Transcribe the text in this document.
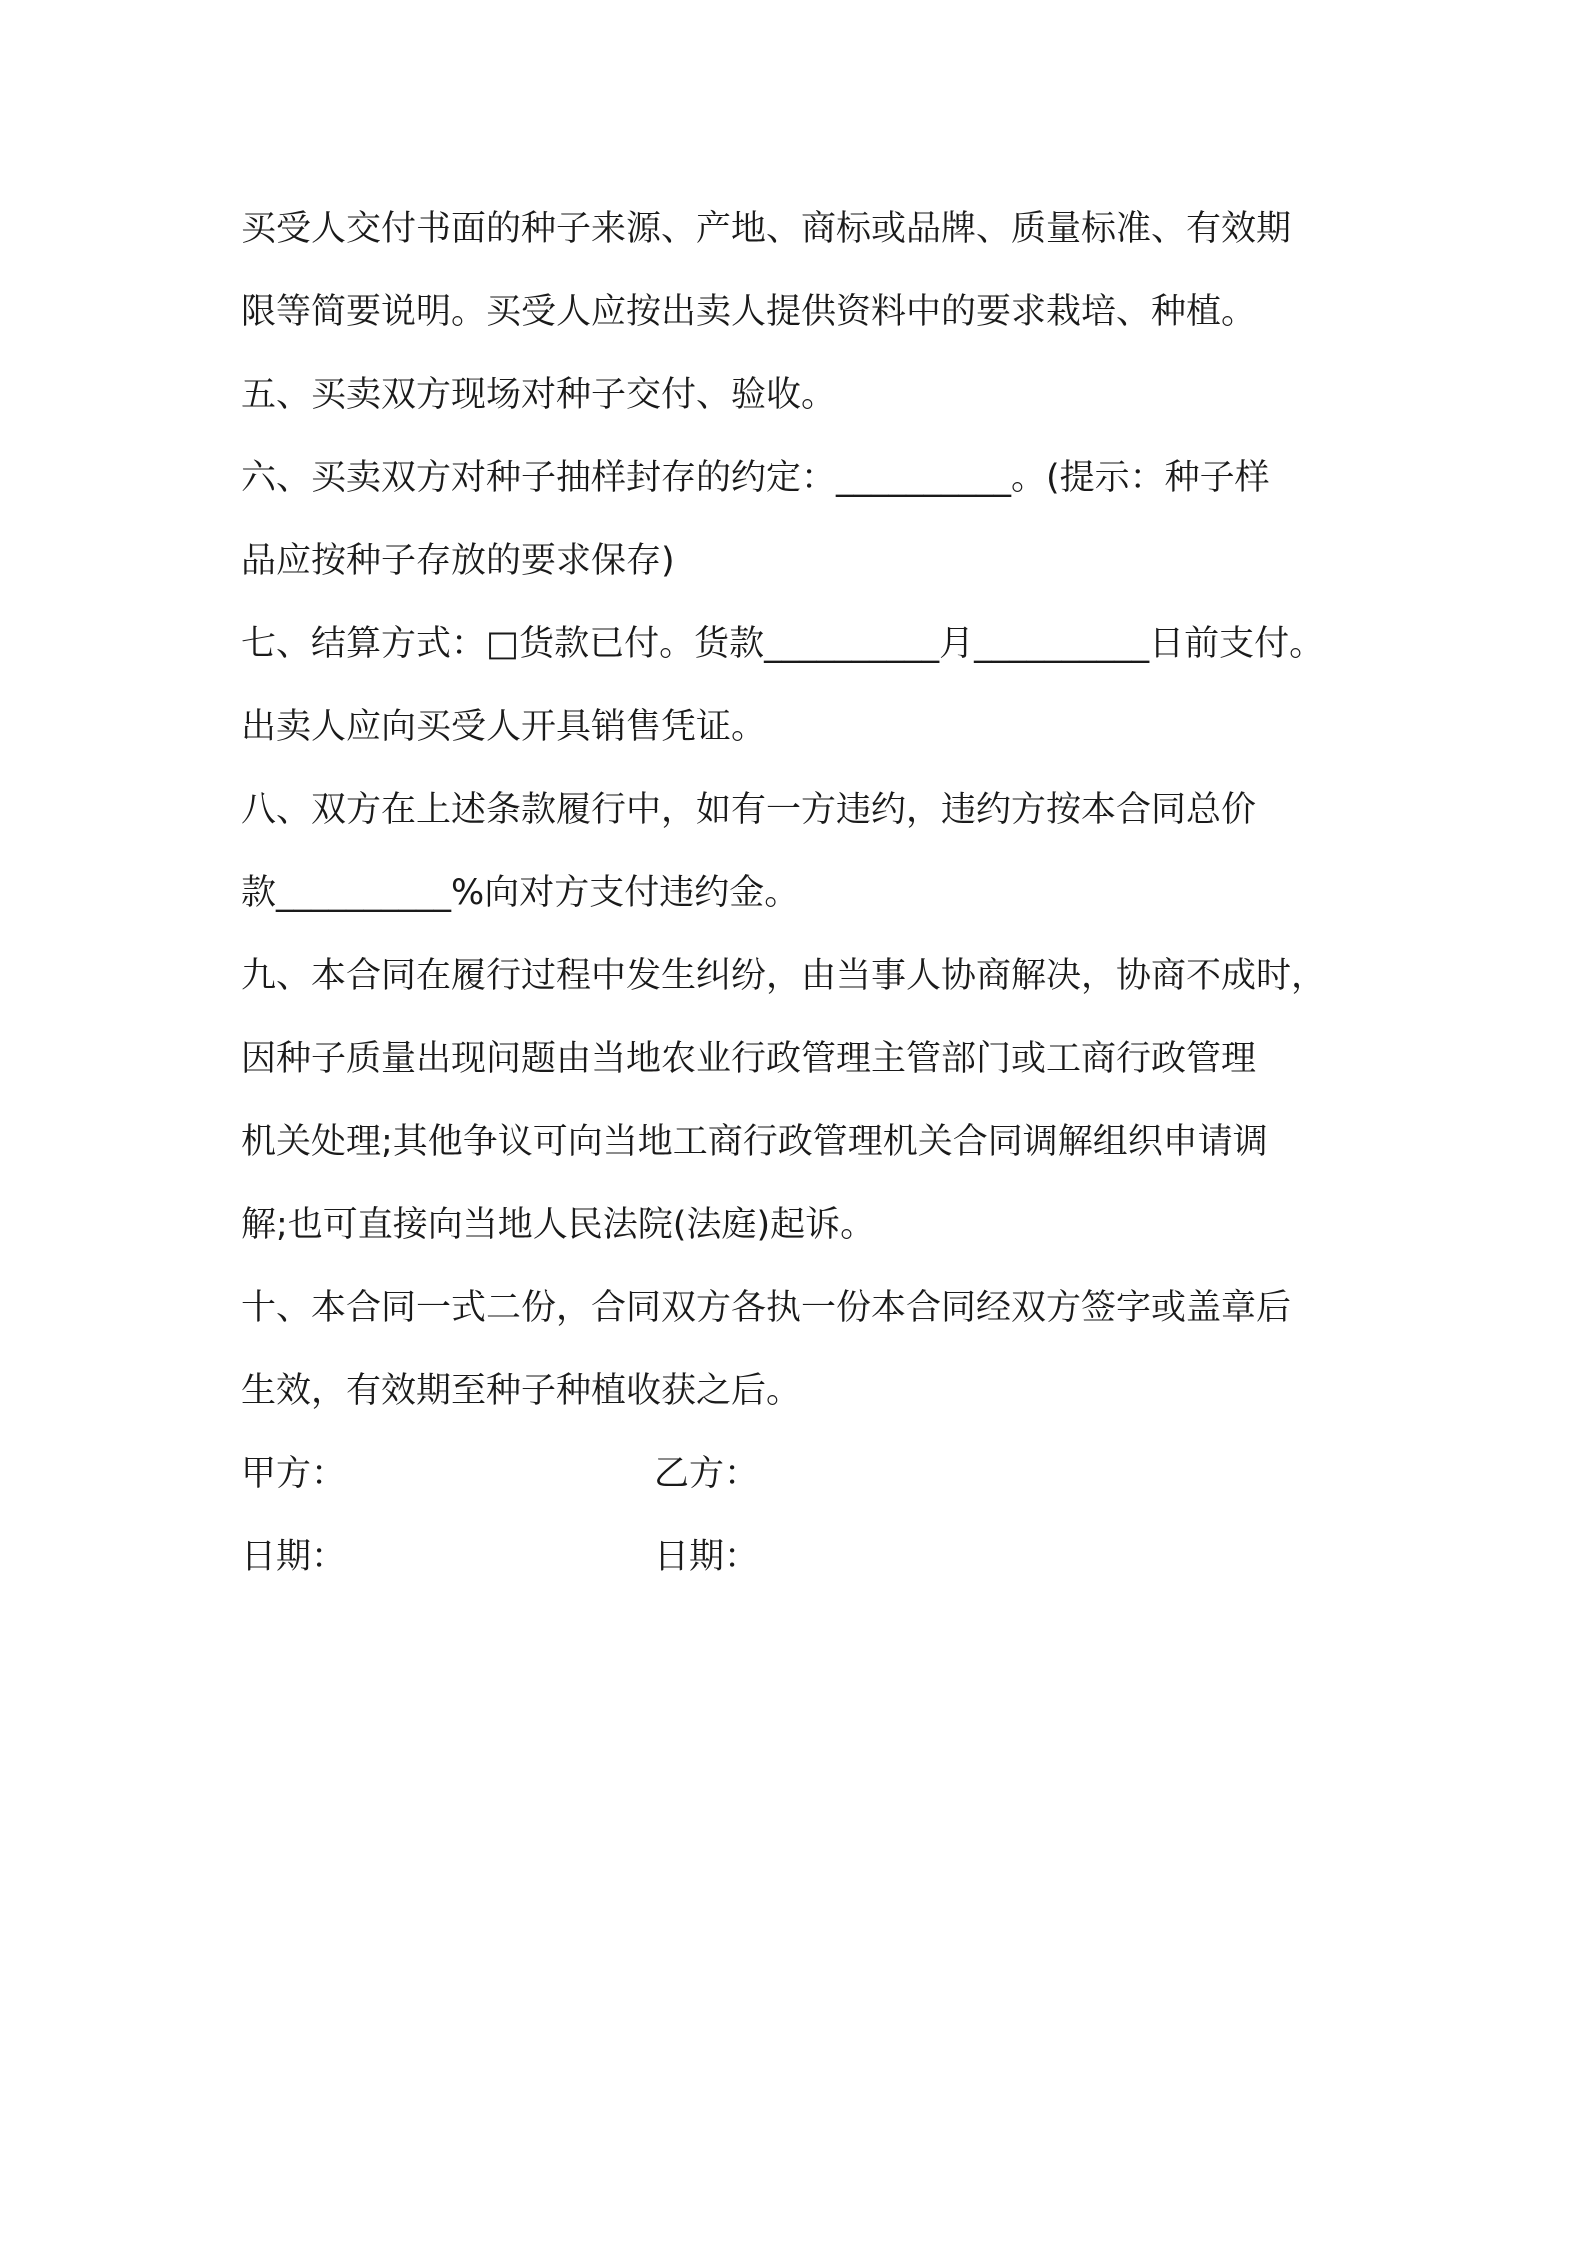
买受人交付书面的种子来源、产地、商标或品牌、质量标准、有效期
限等简要说明。买受人应按出卖人提供资料中的要求栽培、种植。
五、买卖双方现场对种子交付、验收。
六、买卖双方对种子抽样封存的约定：__________。(提示：种子样
品应按种子存放的要求保存)
七、结算方式：□货款已付。货款__________月__________日前支付。
出卖人应向买受人开具销售凭证。
八、双方在上述条款履行中，如有一方违约，违约方按本合同总价
款__________%向对方支付违约金。
九、本合同在履行过程中发生纠纷，由当事人协商解决，协商不成时，
因种子质量出现问题由当地农业行政管理主管部门或工商行政管理
机关处理;其他争议可向当地工商行政管理机关合同调解组织申请调
解;也可直接向当地人民法院(法庭)起诉。
十、本合同一式二份，合同双方各执一份本合同经双方签字或盖章后
生效，有效期至种子种植收获之后。
甲方：	乙方：
日期：	日期：
